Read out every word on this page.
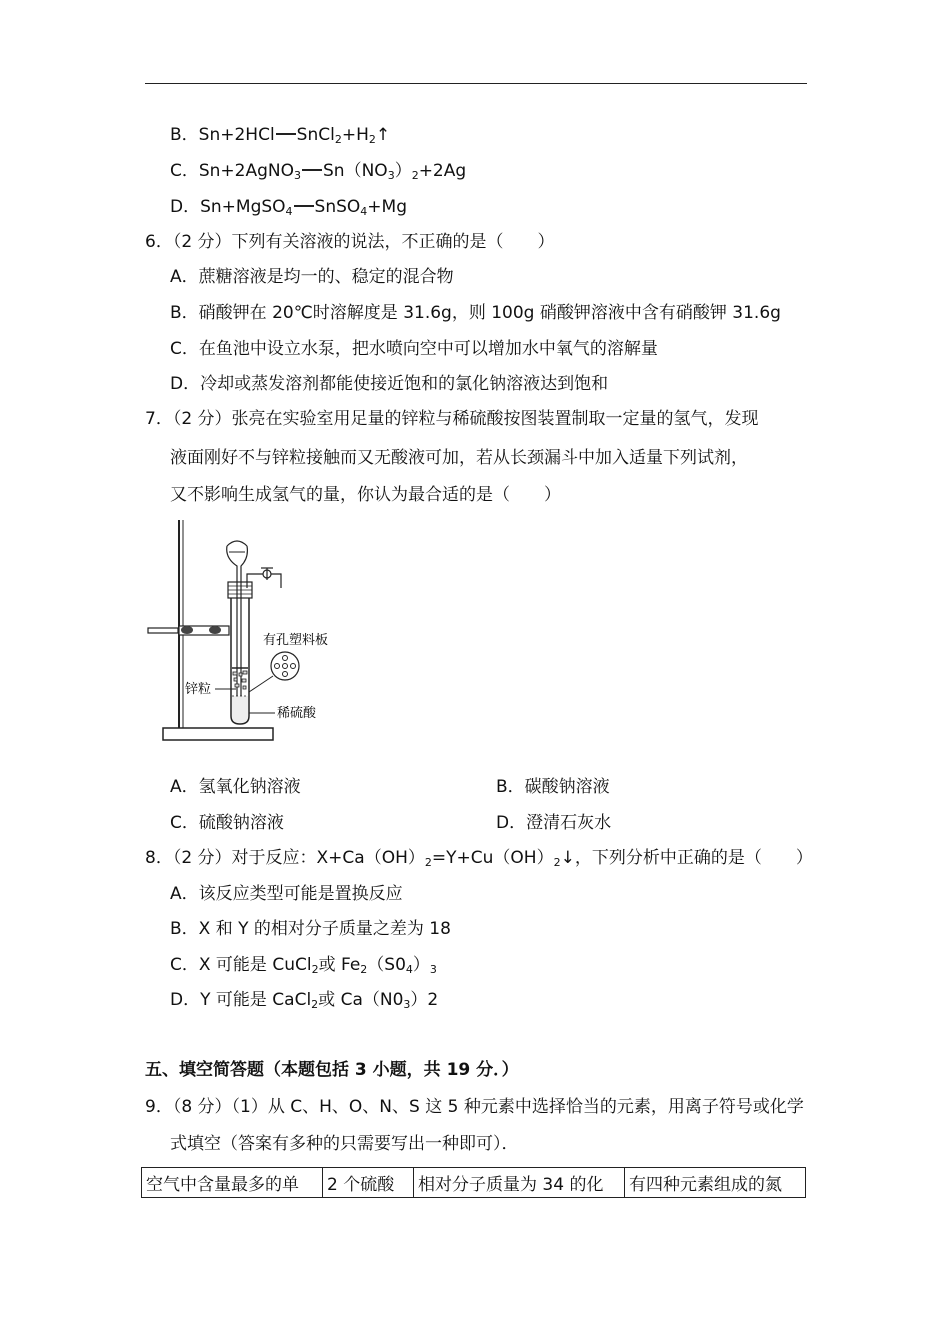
B．Sn+2HCl $SnCl_2+H_2↑$
C．Sn+2AgNO$_3$ $Sn(NO_3)_2+2Ag$
D．Sn+MgSO$_4$ SnSO$_4$+Mg
6．（2 分）下列有关溶液的说法，不正确的是（　　）
A．蔗糖溶液是均一的、稳定的混合物
B．硝酸钾在 20℃时溶解度是 31.6g，则 100g 硝酸钾溶液中含有硝酸钾 31.6g
C．在鱼池中设立水泵，把水喷向空中可以增加水中氧气的溶解量
D．冷却或蒸发溶剂都能使接近饱和的氯化钠溶液达到饱和
7．（2 分）张亮在实验室用足量的锌粒与稀硫酸按图装置制取一定量的氢气，发现
液面刚好不与锌粒接触而又无酸液可加，若从长颈漏斗中加入适量下列试剂，
又不影响生成氢气的量，你认为最合适的是（　　）
有孔塑料板
锌粒
稀硫酸
A．氢氧化钠溶液	B．碳酸钠溶液
C．硫酸钠溶液	D．澄清石灰水
8．（2 分）对于反应：$X+Ca(OH)_2=Y+Cu(OH)_2↓$，下列分析中正确的是（　　）
A．该反应类型可能是置换反应
B．X 和 Y 的相对分子质量之差为 18
C．X 可能是 CuCl$_2$或 $Fe_2(S0_4)_3$
D．Y 可能是 CaCl$_2$或 $Ca(N0_3)2$
五、填空简答题（本题包括 3 小题，共 19 分．）
9．（8 分）（1）从 C、H、O、N、S 这 5 种元素中选择恰当的元素，用离子符号或化学
式填空（答案有多种的只需要写出一种即可）．
空气中含量最多的单	2 个硫酸	相对分子质量为 34 的化	有四种元素组成的氮
